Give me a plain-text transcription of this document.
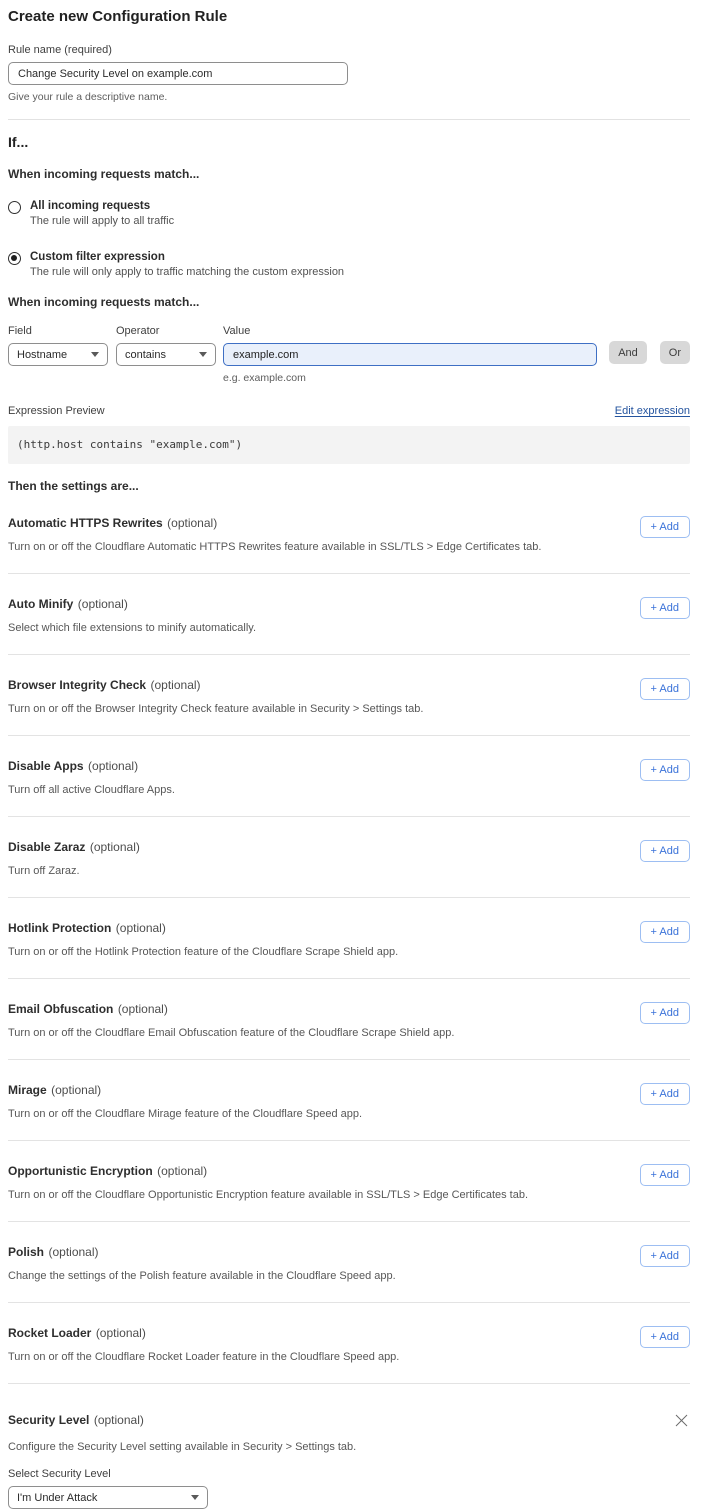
Create new Configuration Rule
Rule name (required)
Change Security Level on example.com
Give your rule a descriptive name.
If...
When incoming requests match...
All incoming requests
The rule will apply to all traffic
Custom filter expression
The rule will only apply to traffic matching the custom expression
When incoming requests match...
Field
Hostname
Operator
contains
Value
example.com
e.g. example.com
And	Or
Expression Preview	Edit expression
(http.host contains "example.com")
Then the settings are...
Automatic HTTPS Rewrites (optional)
Turn on or off the Cloudflare Automatic HTTPS Rewrites feature available in SSL/TLS > Edge Certificates tab.
+ Add
Auto Minify (optional)
Select which file extensions to minify automatically.
+ Add
Browser Integrity Check (optional)
Turn on or off the Browser Integrity Check feature available in Security > Settings tab.
+ Add
Disable Apps (optional)
Turn off all active Cloudflare Apps.
+ Add
Disable Zaraz (optional)
Turn off Zaraz.
+ Add
Hotlink Protection (optional)
Turn on or off the Hotlink Protection feature of the Cloudflare Scrape Shield app.
+ Add
Email Obfuscation (optional)
Turn on or off the Cloudflare Email Obfuscation feature of the Cloudflare Scrape Shield app.
+ Add
Mirage (optional)
Turn on or off the Cloudflare Mirage feature of the Cloudflare Speed app.
+ Add
Opportunistic Encryption (optional)
Turn on or off the Cloudflare Opportunistic Encryption feature available in SSL/TLS > Edge Certificates tab.
+ Add
Polish (optional)
Change the settings of the Polish feature available in the Cloudflare Speed app.
+ Add
Rocket Loader (optional)
Turn on or off the Cloudflare Rocket Loader feature in the Cloudflare Speed app.
+ Add
Security Level (optional)
Configure the Security Level setting available in Security > Settings tab.
Select Security Level
I'm Under Attack
